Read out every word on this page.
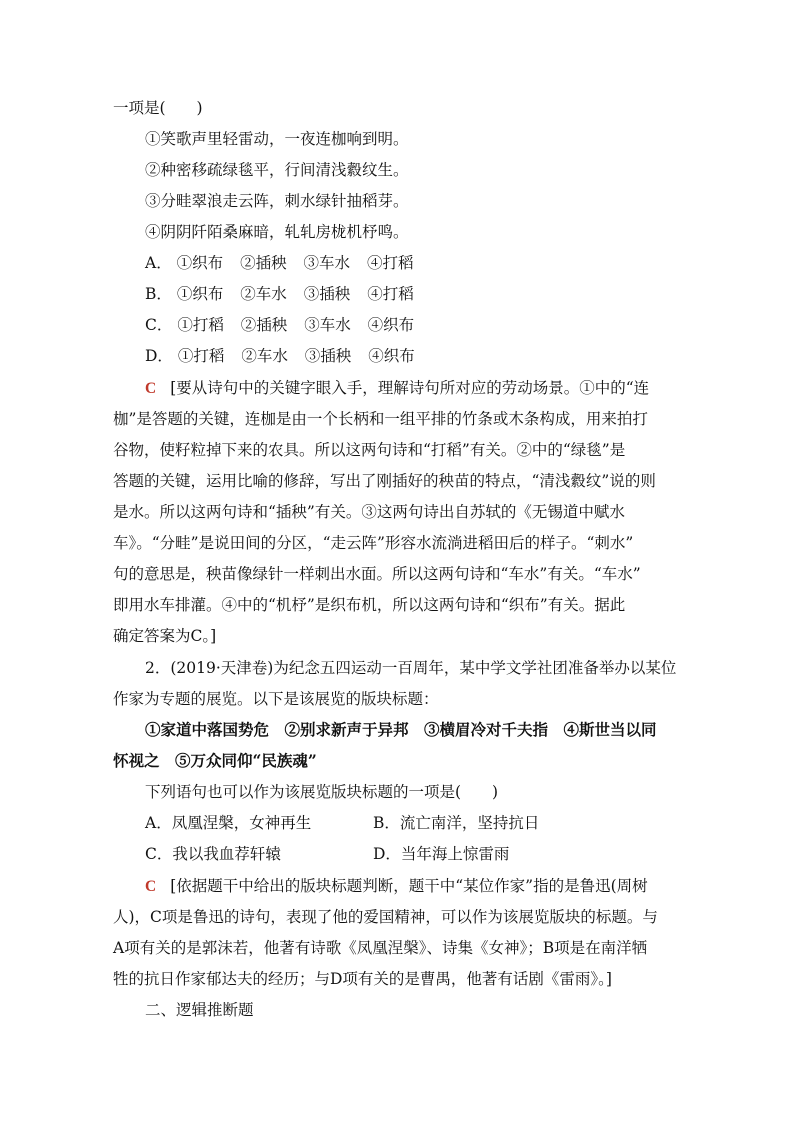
一项是(　　)
①笑歌声里轻雷动，一夜连枷响到明。
②种密移疏绿毯平，行间清浅縠纹生。
③分畦翠浪走云阵，刺水绿针抽稻芽。
④阴阴阡陌桑麻暗，轧轧房栊机杼鸣。
A． ①织布 ②插秧 ③车水 ④打稻
B． ①织布 ②车水 ③插秧 ④打稻
C． ①打稻 ②插秧 ③车水 ④织布
D． ①打稻 ②车水 ③插秧 ④织布
C [要从诗句中的关键字眼入手，理解诗句所对应的劳动场景。①中的“连
枷”是答题的关键，连枷是由一个长柄和一组平排的竹条或木条构成，用来拍打
谷物，使籽粒掉下来的农具。所以这两句诗和“打稻”有关。②中的“绿毯”是
答题的关键，运用比喻的修辞，写出了刚插好的秧苗的特点，“清浅縠纹”说的则
是水。所以这两句诗和“插秧”有关。③这两句诗出自苏轼的《无锡道中赋水
车》。“分畦”是说田间的分区，“走云阵”形容水流淌进稻田后的样子。“刺水”
句的意思是，秧苗像绿针一样刺出水面。所以这两句诗和“车水”有关。“车水”
即用水车排灌。④中的“机杼”是织布机，所以这两句诗和“织布”有关。据此
确定答案为C。]
2．(2019·天津卷)为纪念五四运动一百周年，某中学文学社团准备举办以某位
作家为专题的展览。以下是该展览的版块标题：
①家道中落国势危　②别求新声于异邦　③横眉冷对千夫指　④斯世当以同
怀视之　⑤万众同仰“民族魂”
下列语句也可以作为该展览版块标题的一项是(　　)
A．凤凰涅槃，女神再生	B．流亡南洋，坚持抗日
C．我以我血荐轩辕	D．当年海上惊雷雨
C [依据题干中给出的版块标题判断，题干中“某位作家”指的是鲁迅(周树
人)，C项是鲁迅的诗句，表现了他的爱国精神，可以作为该展览版块的标题。与
A项有关的是郭沫若，他著有诗歌《凤凰涅槃》、诗集《女神》；B项是在南洋牺
牲的抗日作家郁达夫的经历；与D项有关的是曹禺，他著有话剧《雷雨》。]
二、逻辑推断题
